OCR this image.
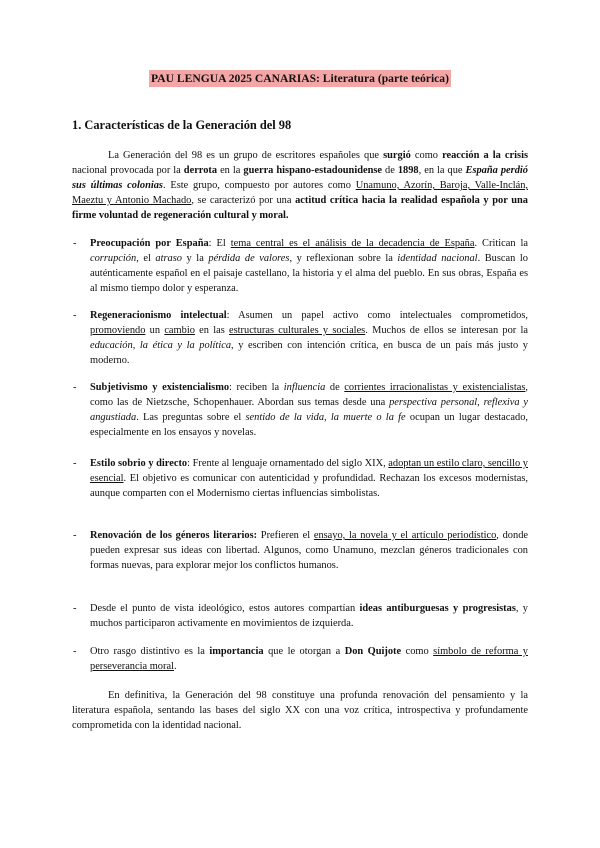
PAU LENGUA 2025 CANARIAS: Literatura (parte teórica)
1. Características de la Generación del 98

La Generación del 98 es un grupo de escritores españoles que surgió como reacción a la crisis nacional provocada por la derrota en la guerra hispano-estadounidense de 1898, en la que España perdió sus últimas colonias. Este grupo, compuesto por autores como Unamuno, Azorín, Baroja, Valle-Inclán, Maeztu y Antonio Machado, se caracterizó por una actitud crítica hacia la realidad española y por una firme voluntad de regeneración cultural y moral.

- Preocupación por España: El tema central es el análisis de la decadencia de España. Critican la corrupción, el atraso y la pérdida de valores, y reflexionan sobre la identidad nacional. Buscan lo auténticamente español en el paisaje castellano, la historia y el alma del pueblo. En sus obras, España es al mismo tiempo dolor y esperanza.

- Regeneracionismo intelectual: Asumen un papel activo como intelectuales comprometidos, promoviendo un cambio en las estructuras culturales y sociales. Muchos de ellos se interesan por la educación, la ética y la política, y escriben con intención crítica, en busca de un país más justo y moderno.

- Subjetivismo y existencialismo: reciben la influencia de corrientes irracionalistas y existencialistas, como las de Nietzsche, Schopenhauer. Abordan sus temas desde una perspectiva personal, reflexiva y angustiada. Las preguntas sobre el sentido de la vida, la muerte o la fe ocupan un lugar destacado, especialmente en los ensayos y novelas.

- Estilo sobrio y directo: Frente al lenguaje ornamentado del siglo XIX, adoptan un estilo claro, sencillo y esencial. El objetivo es comunicar con autenticidad y profundidad. Rechazan los excesos modernistas, aunque comparten con el Modernismo ciertas influencias simbolistas.

- Renovación de los géneros literarios: Prefieren el ensayo, la novela y el artículo periodístico, donde pueden expresar sus ideas con libertad. Algunos, como Unamuno, mezclan géneros tradicionales con formas nuevas, para explorar mejor los conflictos humanos.

- Desde el punto de vista ideológico, estos autores compartían ideas antiburguesas y progresistas, y muchos participaron activamente en movimientos de izquierda.

- Otro rasgo distintivo es la importancia que le otorgan a Don Quijote como símbolo de reforma y perseverancia moral.

En definitiva, la Generación del 98 constituye una profunda renovación del pensamiento y la literatura española, sentando las bases del siglo XX con una voz crítica, introspectiva y profundamente comprometida con la identidad nacional.
